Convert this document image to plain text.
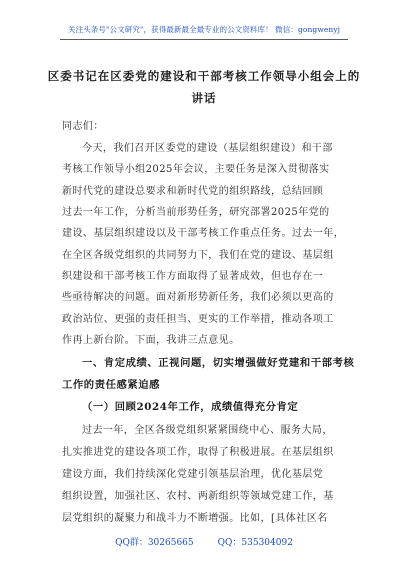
关注头条号"公文研究"，获得最新最全最专业的公文资料库！ 微信：gongwenyj
区委书记在区委党的建设和干部考核工作领导小组会上的
讲话
同志们：
今天，我们召开区委党的建设（基层组织建设）和干部
考核工作领导小组2025年会议，主要任务是深入贯彻落实
新时代党的建设总要求和新时代党的组织路线，总结回顾
过去一年工作，分析当前形势任务，研究部署2025年党的
建设、基层组织建设以及干部考核工作重点任务。过去一年，
在全区各级党组织的共同努力下，我们在党的建设、基层组
织建设和干部考核工作方面取得了显著成效，但也存在一
些亟待解决的问题。面对新形势新任务，我们必须以更高的
政治站位、更强的责任担当、更实的工作举措，推动各项工
作再上新台阶。下面，我讲三点意见。
一、肯定成绩、正视问题，切实增强做好党建和干部考核
工作的责任感紧迫感
（一）回顾2024年工作，成绩值得充分肯定
过去一年，全区各级党组织紧紧围绕中心、服务大局，
扎实推进党的建设各项工作，取得了积极进展。在基层组织
建设方面，我们持续深化党建引领基层治理，优化基层党
组织设置，加强社区、农村、两新组织等领域党建工作，基
层党组织的凝聚力和战斗力不断增强。比如，[具体社区名
QQ群：30265665	QQ：535304092
